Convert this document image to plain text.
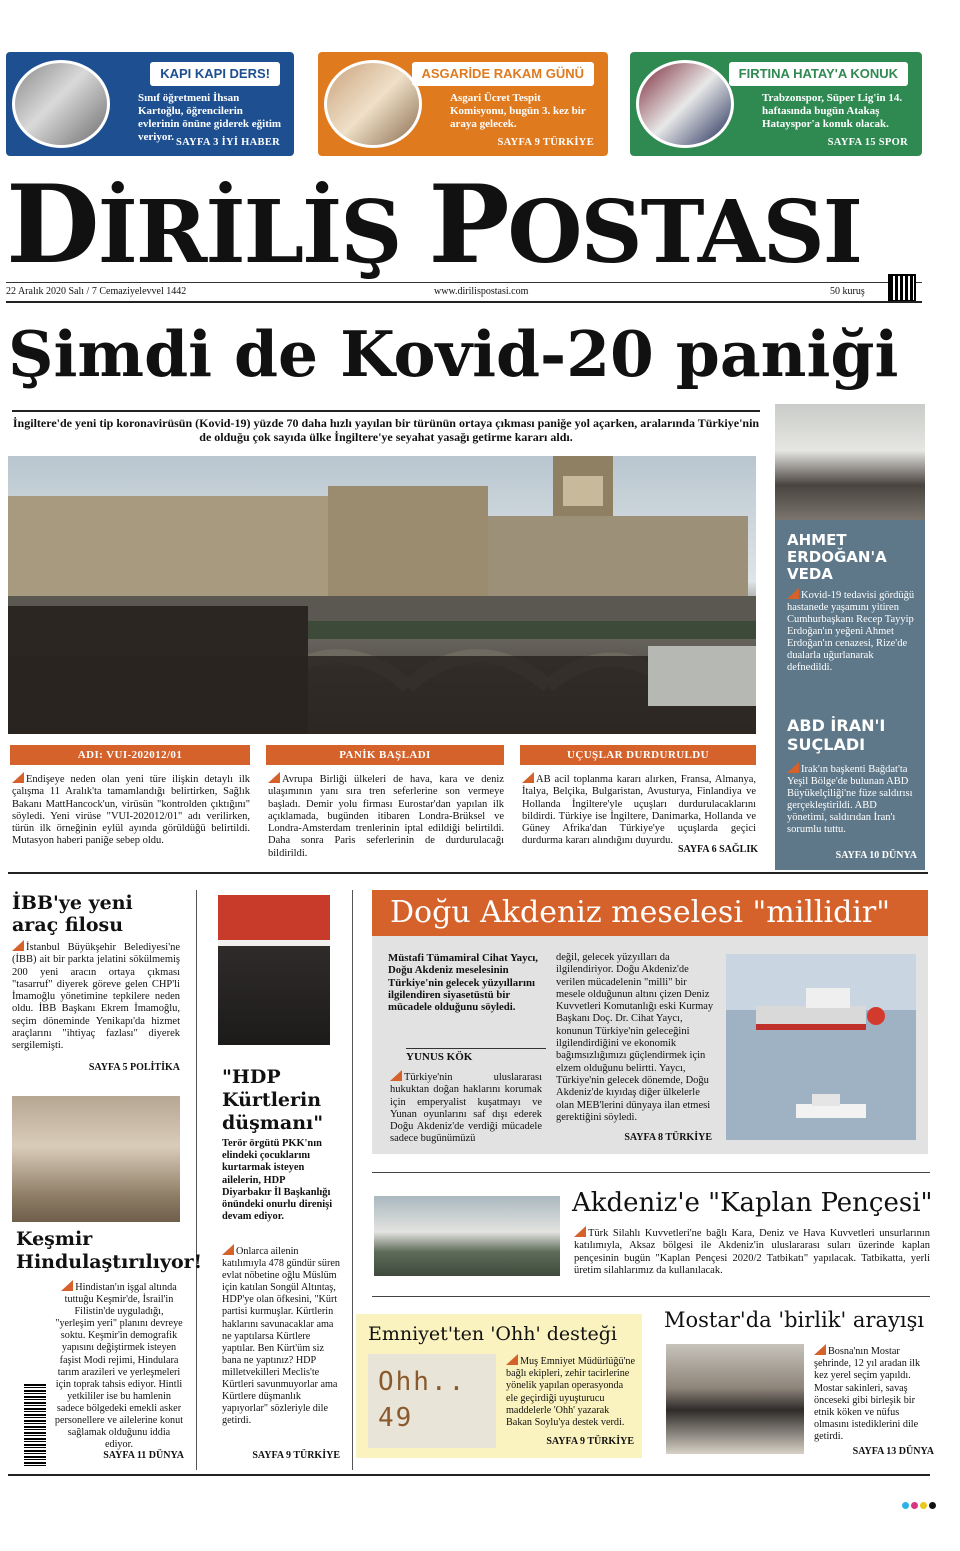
KAPI KAPI DERS!
Sınıf öğretmeni İhsan Kartoğlu, öğrencilerin evlerinin önüne giderek eğitim veriyor. SAYFA 3 İYİ HABER
ASGARİDE RAKAM GÜNÜ
Asgari Ücret Tespit Komisyonu, bugün 3. kez bir araya gelecek.
SAYFA 9 TÜRKİYE
FIRTINA HATAY'A KONUK
Trabzonspor, Süper Lig'in 14. haftasında bugün Atakaş Hatayspor'a konuk olacak.
SAYFA 15 SPOR
DİRİLİŞ POSTASI
22 Aralık 2020 Salı / 7 Cemaziyelevvel 1442	www.dirilispostasi.com	50 kuruş
Şimdi de Kovid-20 paniği
İngiltere'de yeni tip koronavirüsün (Kovid-19) yüzde 70 daha hızlı yayılan bir türünün ortaya çıkması paniğe yol açarken, aralarında Türkiye'nin de olduğu çok sayıda ülke İngiltere'ye seyahat yasağı getirme kararı aldı.
ADI: VUI-202012/01	PANİK BAŞLADI	UÇUŞLAR DURDURULDU
Endişeye neden olan yeni türe ilişkin detaylı ilk çalışma 11 Aralık'ta tamamlandığı belirtirken, Sağlık Bakanı MattHancock'un, virüsün "kontrolden çıktığını" söyledi. Yeni virüse "VUI-202012/01" adı verilirken, türün ilk örneğinin eylül ayında görüldüğü belirtildi. Mutasyon haberi paniğe sebep oldu.
Avrupa Birliği ülkeleri de hava, kara ve deniz ulaşımının yanı sıra tren seferlerine son vermeye başladı. Demir yolu firması Eurostar'dan yapılan ilk açıklamada, bugünden itibaren Londra-Brüksel ve Londra-Amsterdam trenlerinin iptal edildiği belirtildi. Daha sonra Paris seferlerinin de durdurulacağı bildirildi.
AB acil toplanma kararı alırken, Fransa, Almanya, İtalya, Belçika, Bulgaristan, Avusturya, Finlandiya ve Hollanda İngiltere'yle uçuşları durdurulacaklarını bildirdi. Türkiye ise İngiltere, Danimarka, Hollanda ve Güney Afrika'dan Türkiye'ye uçuşlarda geçici durdurma kararı alındığını duyurdu.
SAYFA 6 SAĞLIK
AHMET ERDOĞAN'A VEDA
Kovid-19 tedavisi gördüğü hastanede yaşamını yitiren Cumhurbaşkanı Recep Tayyip Erdoğan'ın yeğeni Ahmet Erdoğan'ın cenazesi, Rize'de dualarla uğurlanarak defnedildi.
ABD İRAN'I SUÇLADI
Irak'ın başkenti Bağdat'ta Yeşil Bölge'de bulunan ABD Büyükelçiliği'ne füze saldırısı gerçekleştirildi. ABD yönetimi, saldırıdan İran'ı sorumlu tuttu.
SAYFA 10 DÜNYA
İBB'ye yeni araç filosu
İstanbul Büyükşehir Belediyesi'ne (İBB) ait bir parkta jelatini sökülmemiş 200 yeni aracın ortaya çıkması "tasarruf" diyerek göreve gelen CHP'li İmamoğlu yönetimine tepkilere neden oldu. İBB Başkanı Ekrem İmamoğlu, seçim döneminde Yenikapı'da hizmet araçlarını "ihtiyaç fazlası" diyerek sergilemişti.
SAYFA 5 POLİTİKA
Keşmir Hindulaştırılıyor!
Hindistan'ın işgal altında tuttuğu Keşmir'de, İsrail'in Filistin'de uyguladığı, "yerleşim yeri" planını devreye soktu. Keşmir'in demografik yapısını değiştirmek isteyen faşist Modi rejimi, Hindulara tarım arazileri ve yerleşmeleri için toprak tahsis ediyor. Hintli yetkililer ise bu hamlenin sadece bölgedeki emekli asker personellere ve ailelerine konut sağlamak olduğunu iddia ediyor.
SAYFA 11 DÜNYA
"HDP Kürtlerin düşmanı"
Terör örgütü PKK'nın elindeki çocuklarını kurtarmak isteyen ailelerin, HDP Diyarbakır İl Başkanlığı önündeki onurlu direnişi devam ediyor.
Onlarca ailenin katılımıyla 478 gündür süren evlat nöbetine oğlu Müslüm için katılan Songül Altıntaş, HDP'ye olan öfkesini, "Kürt partisi kurmuşlar. Kürtlerin haklarını savunacaklar ama ne yaptılarsa Kürtlere yaptılar. Ben Kürt'üm siz bana ne yaptınız? HDP milletvekilleri Meclis'te Kürtleri savunmuyorlar ama Kürtlere düşmanlık yapıyorlar" sözleriyle dile getirdi.
SAYFA 9 TÜRKİYE
Doğu Akdeniz meselesi "millidir"
Müstafi Tümamiral Cihat Yaycı, Doğu Akdeniz meselesinin Türkiye'nin gelecek yüzyıllarını ilgilendiren siyasetüstü bir mücadele olduğunu söyledi.
YUNUS KÖK
Türkiye'nin uluslararası hukuktan doğan haklarını korumak için emperyalist kuşatmayı ve Yunan oyunlarını saf dışı ederek Doğu Akdeniz'de verdiği mücadele sadece bugünümüzü
değil, gelecek yüzyılları da ilgilendiriyor. Doğu Akdeniz'de verilen mücadelenin "milli" bir mesele olduğunun altını çizen Deniz Kuvvetleri Komutanlığı eski Kurmay Başkanı Doç. Dr. Cihat Yaycı, konunun Türkiye'nin geleceğini ilgilendirdiğini ve ekonomik bağımsızlığımızı güçlendirmek için elzem olduğunu belirtti. Yaycı, Türkiye'nin gelecek dönemde, Doğu Akdeniz'de kıyıdaş diğer ülkelerle olan MEB'lerini dünyaya ilan etmesi gerektiğini söyledi.
SAYFA 8 TÜRKİYE
Akdeniz'e "Kaplan Pençesi"
Türk Silahlı Kuvvetleri'ne bağlı Kara, Deniz ve Hava Kuvvetleri unsurlarının katılımıyla, Aksaz bölgesi ile Akdeniz'in uluslararası suları üzerinde kaplan pençesinin bugün "Kaplan Pençesi 2020/2 Tatbikatı" yapılacak. Tatbikatta, yerli üretim silahlarımız da kullanılacak.
Emniyet'ten 'Ohh' desteği
Ohh.. 49
Muş Emniyet Müdürlüğü'ne bağlı ekipleri, zehir tacirlerine yönelik yapılan operasyonda ele geçirdiği uyuşturucu maddelerle 'Ohh' yazarak Bakan Soylu'ya destek verdi.
SAYFA 9 TÜRKİYE
Mostar'da 'birlik' arayışı
Bosna'nın Mostar şehrinde, 12 yıl aradan ilk kez yerel seçim yapıldı. Mostar sakinleri, savaş önceseki gibi birleşik bir etnik köken ve nüfus olmasını istediklerini dile getirdi.
SAYFA 13 DÜNYA
